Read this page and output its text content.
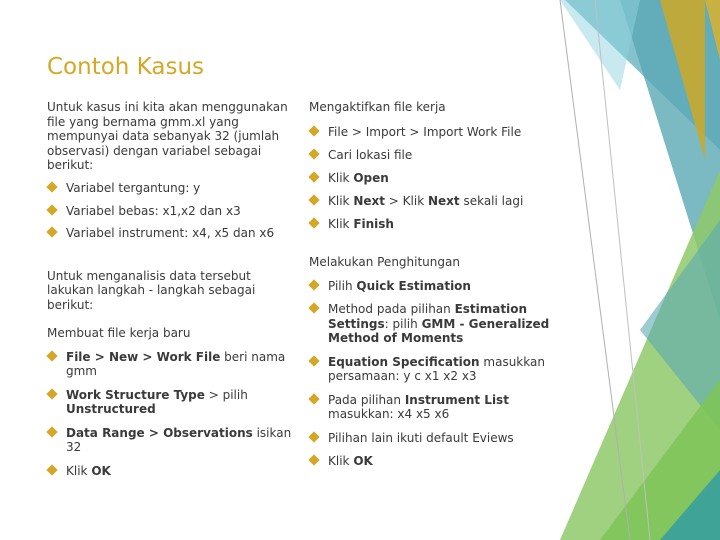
Contoh Kasus

Untuk kasus ini kita akan menggunakan file yang bernama gmm.xl yang mempunyai data sebanyak 32 (jumlah observasi) dengan variabel sebagai berikut:

Variabel tergantung: y
Variabel bebas: x1,x2 dan x3
Variabel instrument: x4, x5 dan x6

Untuk menganalisis data tersebut lakukan langkah - langkah sebagai berikut:

Membuat file kerja baru

File > New > Work File beri nama gmm
Work Structure Type > pilih Unstructured
Data Range > Observations isikan 32
Klik OK

Mengaktifkan file kerja

File > Import > Import Work File
Cari lokasi file
Klik Open
Klik Next > Klik Next sekali lagi
Klik Finish

Melakukan Penghitungan

Pilih Quick Estimation
Method pada pilihan Estimation Settings: pilih GMM - Generalized Method of Moments
Equation Specification masukkan persamaan: y c x1 x2 x3
Pada pilihan Instrument List masukkan: x4 x5 x6
Pilihan lain ikuti default Eviews
Klik OK
